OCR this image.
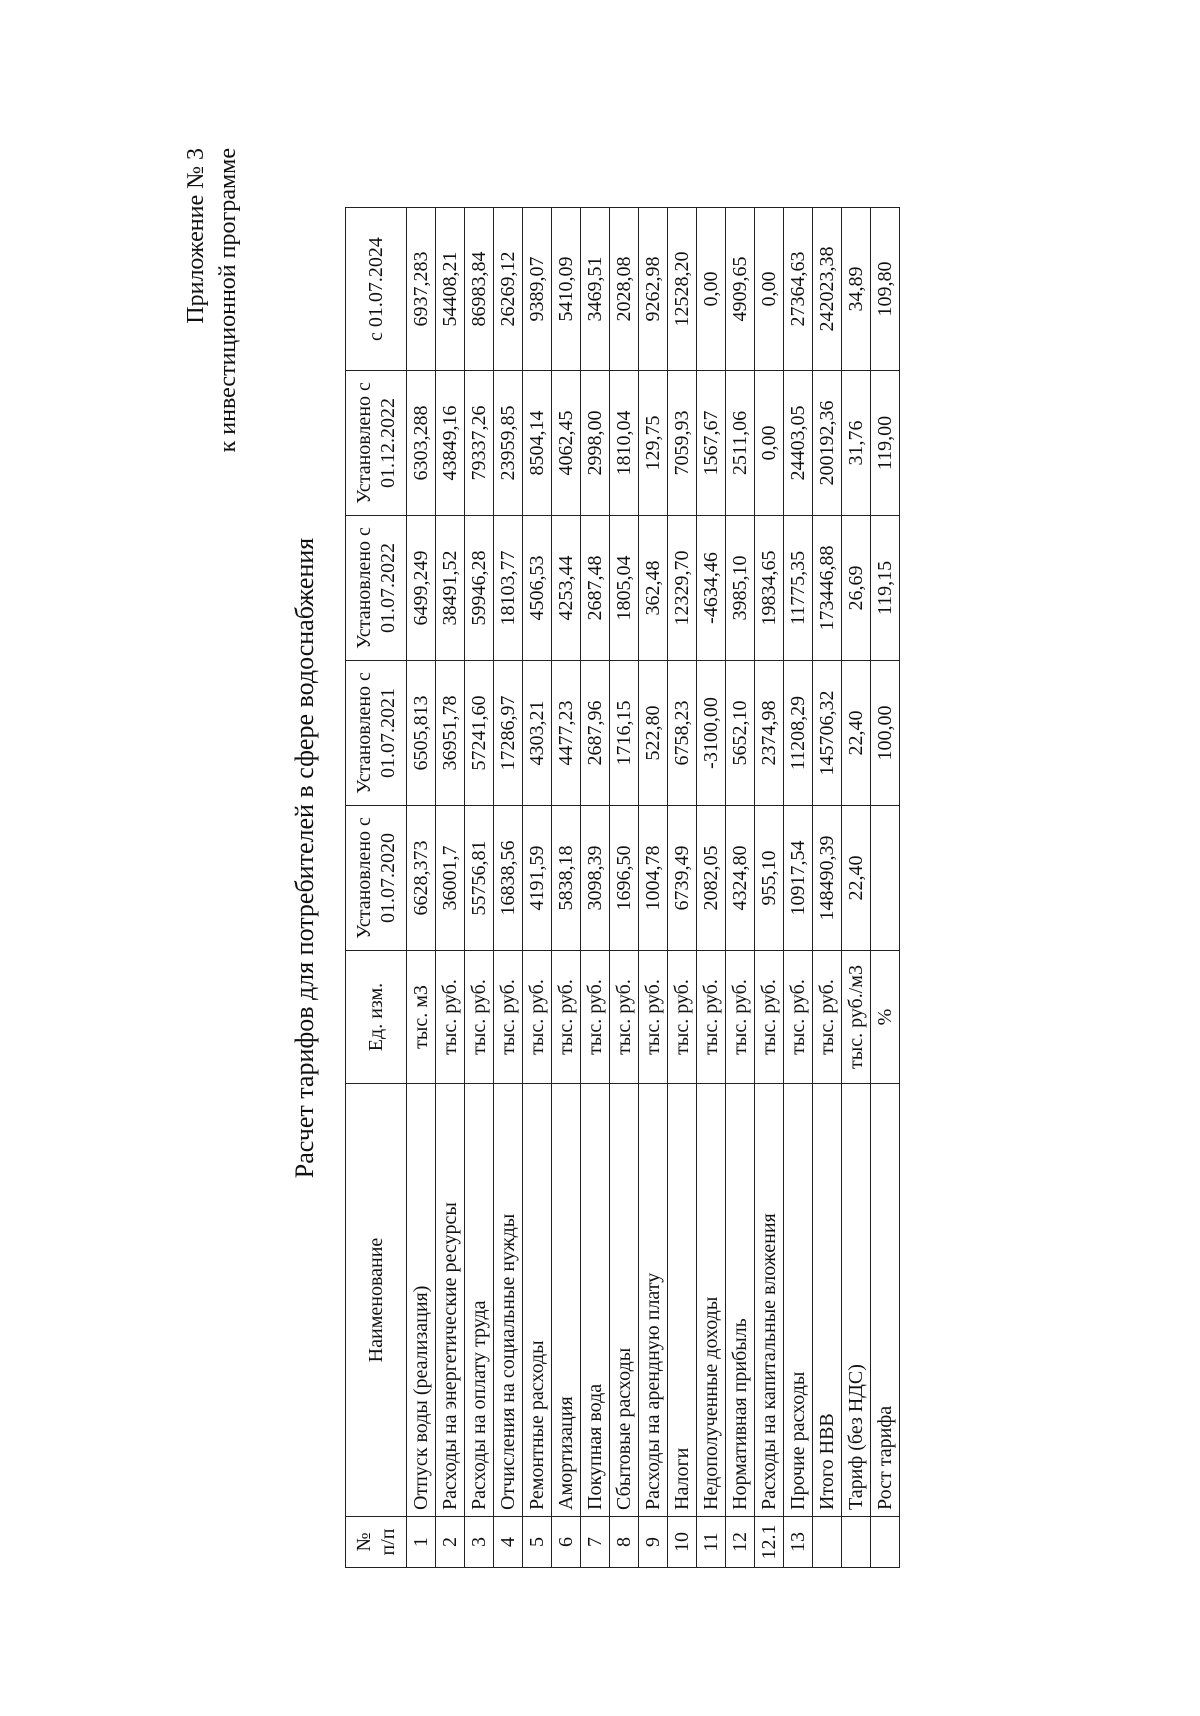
Приложение № 3 к инвестиционной программе
Расчет тарифов для потребителей в сфере водоснабжения
№ п/п	Наименование	Ед. изм.	Установлено с 01.07.2020	Установлено с 01.07.2021	Установлено с 01.07.2022	Установлено с 01.12.2022	с 01.07.2024
1	Отпуск воды (реализация)	тыс. м3	6628,373	6505,813	6499,249	6303,288	6937,283
2	Расходы на энергетические ресурсы	тыс. руб.	36001,7	36951,78	38491,52	43849,16	54408,21
3	Расходы на оплату труда	тыс. руб.	55756,81	57241,60	59946,28	79337,26	86983,84
4	Отчисления на социальные нужды	тыс. руб.	16838,56	17286,97	18103,77	23959,85	26269,12
5	Ремонтные расходы	тыс. руб.	4191,59	4303,21	4506,53	8504,14	9389,07
6	Амортизация	тыс. руб.	5838,18	4477,23	4253,44	4062,45	5410,09
7	Покупная вода	тыс. руб.	3098,39	2687,96	2687,48	2998,00	3469,51
8	Сбытовые расходы	тыс. руб.	1696,50	1716,15	1805,04	1810,04	2028,08
9	Расходы на арендную плату	тыс. руб.	1004,78	522,80	362,48	129,75	9262,98
10	Налоги	тыс. руб.	6739,49	6758,23	12329,70	7059,93	12528,20
11	Недополученные доходы	тыс. руб.	2082,05	-3100,00	-4634,46	1567,67	0,00
12	Нормативная прибыль	тыс. руб.	4324,80	5652,10	3985,10	2511,06	4909,65
12.1	Расходы на капитальные вложения	тыс. руб.	955,10	2374,98	19834,65	0,00	0,00
13	Прочие расходы	тыс. руб.	10917,54	11208,29	11775,35	24403,05	27364,63
	Итого НВВ	тыс. руб.	148490,39	145706,32	173446,88	200192,36	242023,38
	Тариф (без НДС)	тыс. руб./м3	22,40	22,40	26,69	31,76	34,89
	Рост тарифа	%		100,00	119,15	119,00	109,80
